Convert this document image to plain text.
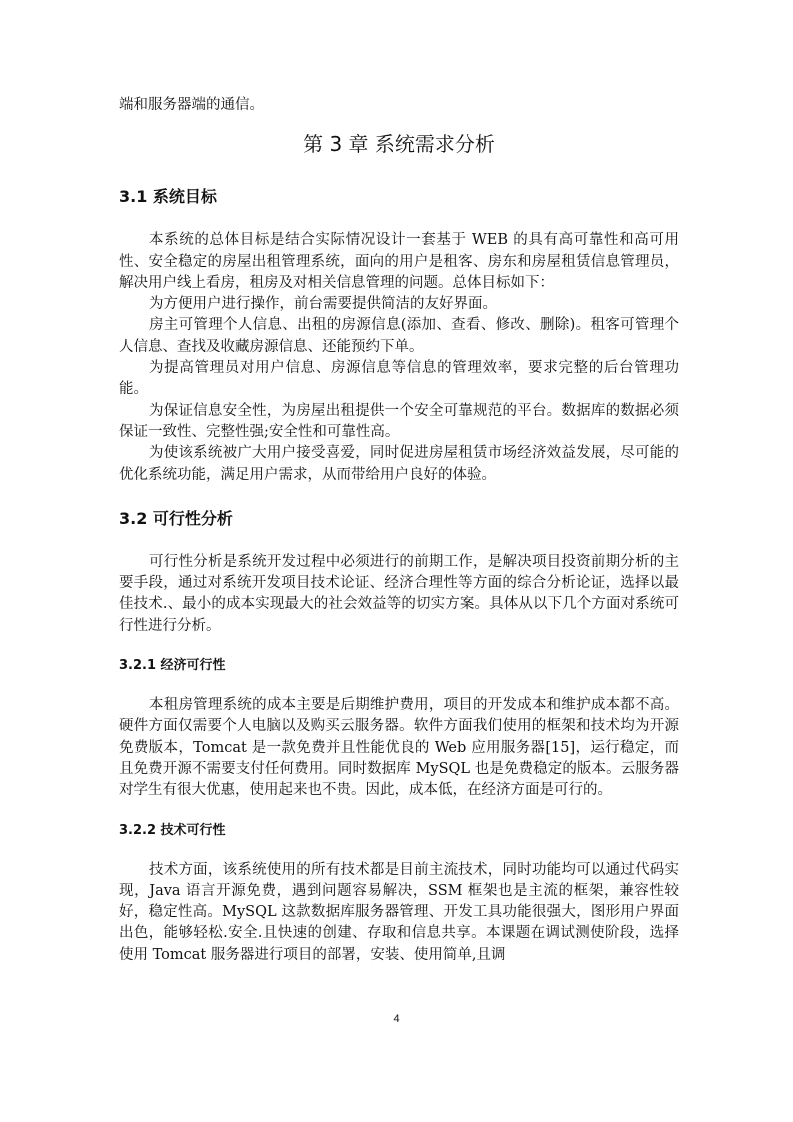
端和服务器端的通信。

第 3 章 系统需求分析
3.1 系统目标

本系统的总体目标是结合实际情况设计一套基于 WEB 的具有高可靠性和高可用性、安全稳定的房屋出租管理系统，面向的用户是租客、房东和房屋租赁信息管理员，解决用户线上看房，租房及对相关信息管理的问题。总体目标如下：

为方便用户进行操作，前台需要提供简洁的友好界面。

房主可管理个人信息、出租的房源信息(添加、查看、修改、删除)。租客可管理个人信息、查找及收藏房源信息、还能预约下单。

为提高管理员对用户信息、房源信息等信息的管理效率，要求完整的后台管理功能。

为保证信息安全性，为房屋出租提供一个安全可靠规范的平台。数据库的数据必须保证一致性、完整性强;安全性和可靠性高。

为使该系统被广大用户接受喜爱，同时促进房屋租赁市场经济效益发展，尽可能的优化系统功能，满足用户需求，从而带给用户良好的体验。

3.2 可行性分析

可行性分析是系统开发过程中必须进行的前期工作，是解决项目投资前期分析的主要手段，通过对系统开发项目技术论证、经济合理性等方面的综合分析论证，选择以最佳技术.、最小的成本实现最大的社会效益等的切实方案。具体从以下几个方面对系统可行性进行分析。

3.2.1 经济可行性

本租房管理系统的成本主要是后期维护费用，项目的开发成本和维护成本都不高。硬件方面仅需要个人电脑以及购买云服务器。软件方面我们使用的框架和技术均为开源免费版本，Tomcat 是一款免费并且性能优良的 Web 应用服务器[15]，运行稳定，而且免费开源不需要支付任何费用。同时数据库 MySQL 也是免费稳定的版本。云服务器对学生有很大优惠，使用起来也不贵。因此，成本低，在经济方面是可行的。

3.2.2 技术可行性

技术方面，该系统使用的所有技术都是目前主流技术，同时功能均可以通过代码实现，Java 语言开源免费，遇到问题容易解决，SSM 框架也是主流的框架，兼容性较好，稳定性高。MySQL 这款数据库服务器管理、开发工具功能很强大，图形用户界面出色，能够轻松.安全.且快速的创建、存取和信息共享。本课题在调试测使阶段，选择使用 Tomcat 服务器进行项目的部署，安装、使用简单,且调

4
